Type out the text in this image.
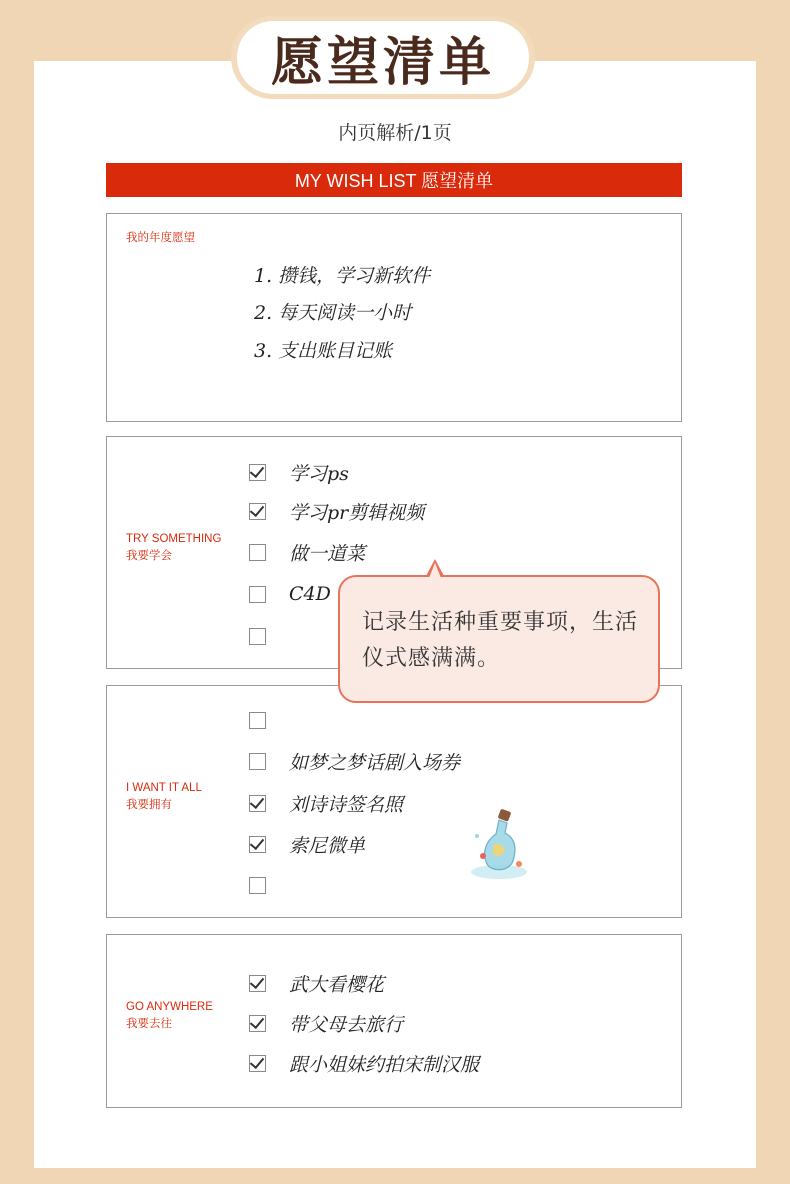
愿望清单
内页解析/1页
MY WISH LIST 愿望清单
我的年度愿望
1. 攒钱，学习新软件
2. 每天阅读一小时
3. 支出账目记账
TRY SOMETHING
我要学会
学习ps
学习pr剪辑视频
做一道菜
C4D
I WANT IT ALL
我要拥有
如梦之梦话剧入场券
刘诗诗签名照
索尼微单
GO ANYWHERE
我要去往
武大看樱花
带父母去旅行
跟小姐妹约拍宋制汉服
记录生活种重要事项，生活仪式感满满。
